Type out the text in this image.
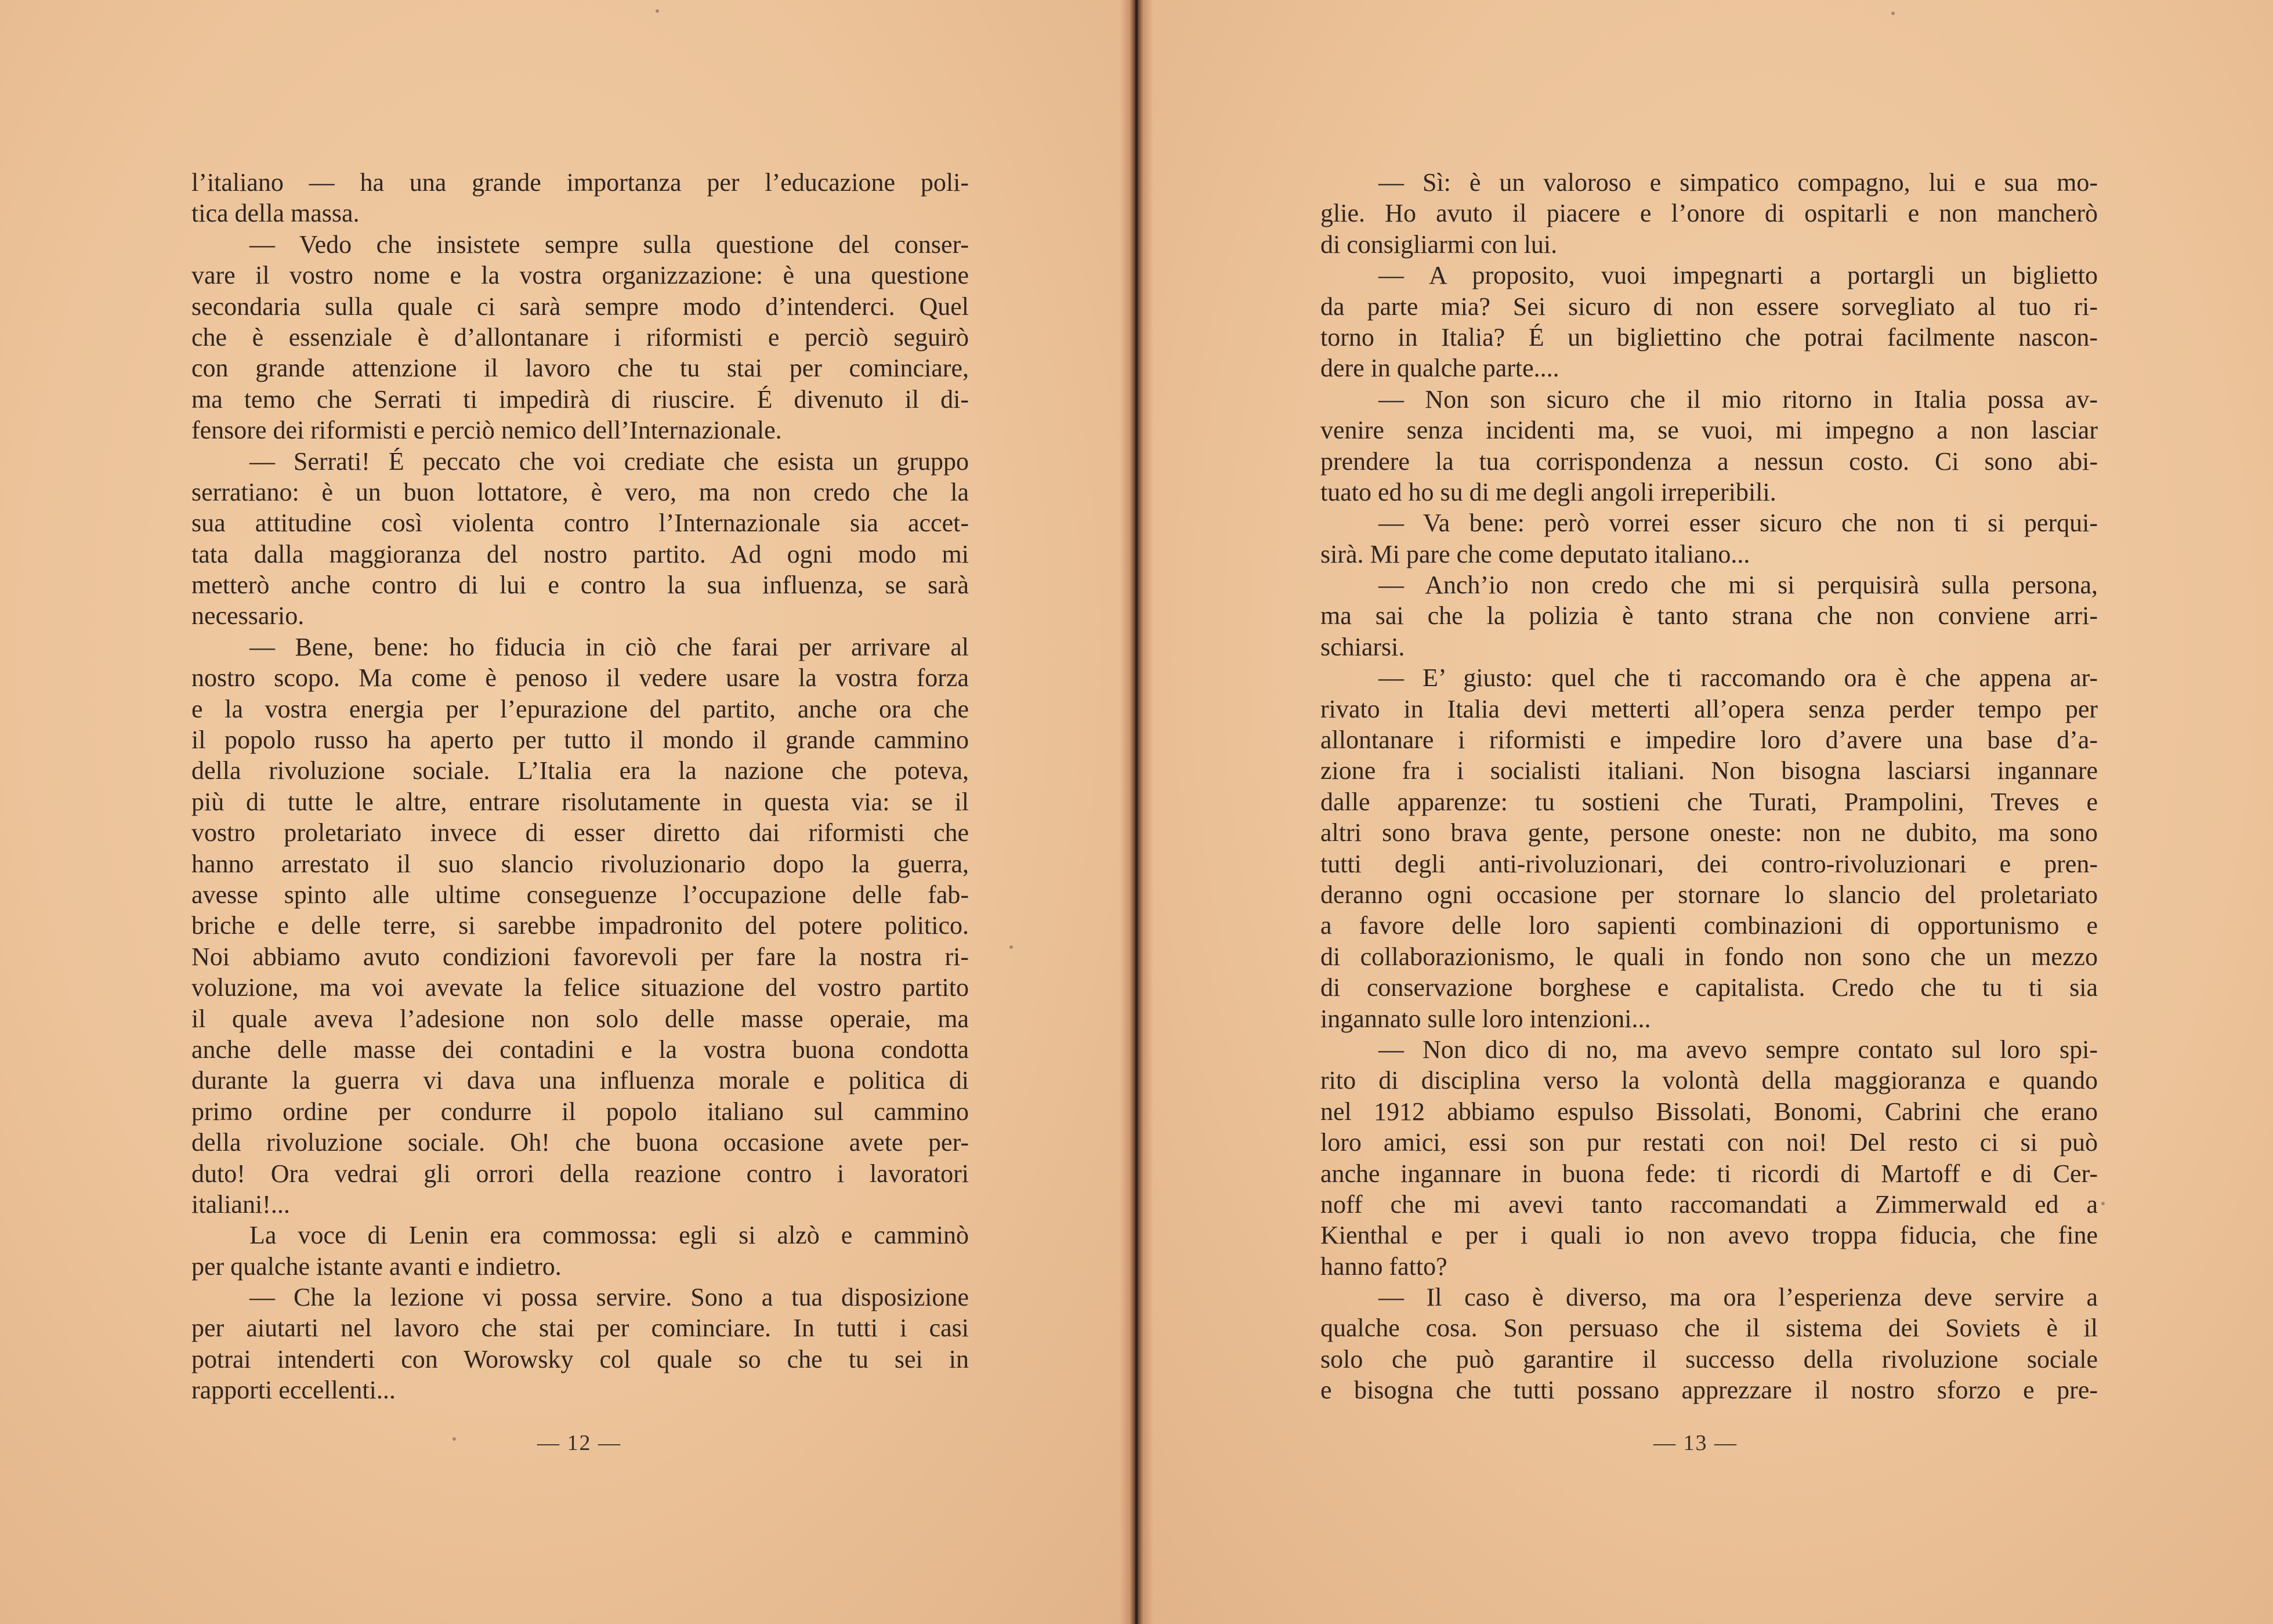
l’italiano — ha una grande importanza per l’educazione poli-
tica della massa.
— Vedo che insistete sempre sulla questione del conser-
vare il vostro nome e la vostra organizzazione: è una questione
secondaria sulla quale ci sarà sempre modo d’intenderci. Quel
che è essenziale è d’allontanare i riformisti e perciò seguirò
con grande attenzione il lavoro che tu stai per cominciare,
ma temo che Serrati ti impedirà di riuscire. É divenuto il di-
fensore dei riformisti e perciò nemico dell’Internazionale.
— Serrati! É peccato che voi crediate che esista un gruppo
serratiano: è un buon lottatore, è vero, ma non credo che la
sua attitudine così violenta contro l’Internazionale sia accet-
tata dalla maggioranza del nostro partito. Ad ogni modo mi
metterò anche contro di lui e contro la sua influenza, se sarà
necessario.
— Bene, bene: ho fiducia in ciò che farai per arrivare al
nostro scopo. Ma come è penoso il vedere usare la vostra forza
e la vostra energia per l’epurazione del partito, anche ora che
il popolo russo ha aperto per tutto il mondo il grande cammino
della rivoluzione sociale. L’Italia era la nazione che poteva,
più di tutte le altre, entrare risolutamente in questa via: se il
vostro proletariato invece di esser diretto dai riformisti che
hanno arrestato il suo slancio rivoluzionario dopo la guerra,
avesse spinto alle ultime conseguenze l’occupazione delle fab-
briche e delle terre, si sarebbe impadronito del potere politico.
Noi abbiamo avuto condizioni favorevoli per fare la nostra ri-
voluzione, ma voi avevate la felice situazione del vostro partito
il quale aveva l’adesione non solo delle masse operaie, ma
anche delle masse dei contadini e la vostra buona condotta
durante la guerra vi dava una influenza morale e politica di
primo ordine per condurre il popolo italiano sul cammino
della rivoluzione sociale. Oh! che buona occasione avete per-
duto! Ora vedrai gli orrori della reazione contro i lavoratori
italiani!...
La voce di Lenin era commossa: egli si alzò e camminò
per qualche istante avanti e indietro.
— Che la lezione vi possa servire. Sono a tua disposizione
per aiutarti nel lavoro che stai per cominciare. In tutti i casi
potrai intenderti con Worowsky col quale so che tu sei in
rapporti eccellenti...
— 12 —
— Sì: è un valoroso e simpatico compagno, lui e sua mo-
glie. Ho avuto il piacere e l’onore di ospitarli e non mancherò
di consigliarmi con lui.
— A proposito, vuoi impegnarti a portargli un biglietto
da parte mia? Sei sicuro di non essere sorvegliato al tuo ri-
torno in Italia? É un bigliettino che potrai facilmente nascon-
dere in qualche parte....
— Non son sicuro che il mio ritorno in Italia possa av-
venire senza incidenti ma, se vuoi, mi impegno a non lasciar
prendere la tua corrispondenza a nessun costo. Ci sono abi-
tuato ed ho su di me degli angoli irreperibili.
— Va bene: però vorrei esser sicuro che non ti si perqui-
sirà. Mi pare che come deputato italiano...
— Anch’io non credo che mi si perquisirà sulla persona,
ma sai che la polizia è tanto strana che non conviene arri-
schiarsi.
— E’ giusto: quel che ti raccomando ora è che appena ar-
rivato in Italia devi metterti all’opera senza perder tempo per
allontanare i riformisti e impedire loro d’avere una base d’a-
zione fra i socialisti italiani. Non bisogna lasciarsi ingannare
dalle apparenze: tu sostieni che Turati, Prampolini, Treves e
altri sono brava gente, persone oneste: non ne dubito, ma sono
tutti degli anti-rivoluzionari, dei contro-rivoluzionari e pren-
deranno ogni occasione per stornare lo slancio del proletariato
a favore delle loro sapienti combinazioni di opportunismo e
di collaborazionismo, le quali in fondo non sono che un mezzo
di conservazione borghese e capitalista. Credo che tu ti sia
ingannato sulle loro intenzioni...
— Non dico di no, ma avevo sempre contato sul loro spi-
rito di disciplina verso la volontà della maggioranza e quando
nel 1912 abbiamo espulso Bissolati, Bonomi, Cabrini che erano
loro amici, essi son pur restati con noi! Del resto ci si può
anche ingannare in buona fede: ti ricordi di Martoff e di Cer-
noff che mi avevi tanto raccomandati a Zimmerwald ed a
Kienthal e per i quali io non avevo troppa fiducia, che fine
hanno fatto?
— Il caso è diverso, ma ora l’esperienza deve servire a
qualche cosa. Son persuaso che il sistema dei Soviets è il
solo che può garantire il successo della rivoluzione sociale
e bisogna che tutti possano apprezzare il nostro sforzo e pre-
— 13 —
